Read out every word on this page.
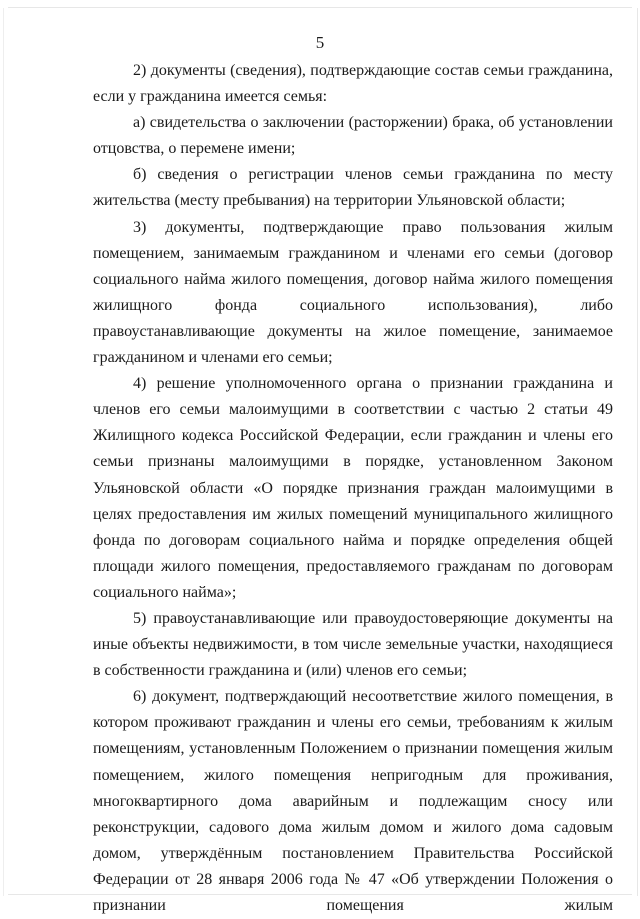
5

2) документы (сведения), подтверждающие состав семьи гражданина, если у гражданина имеется семья:

а) свидетельства о заключении (расторжении) брака, об установлении отцовства, о перемене имени;

б) сведения о регистрации членов семьи гражданина по месту жительства (месту пребывания) на территории Ульяновской области;

3) документы, подтверждающие право пользования жилым помещением, занимаемым гражданином и членами его семьи (договор социального найма жилого помещения, договор найма жилого помещения жилищного фонда социального использования), либо правоустанавливающие документы на жилое помещение, занимаемое гражданином и членами его семьи;

4) решение уполномоченного органа о признании гражданина и членов его семьи малоимущими в соответствии с частью 2 статьи 49 Жилищного кодекса Российской Федерации, если гражданин и члены его семьи признаны малоимущими в порядке, установленном Законом Ульяновской области «О порядке признания граждан малоимущими в целях предоставления им жилых помещений муниципального жилищного фонда по договорам социального найма и порядке определения общей площади жилого помещения, предоставляемого гражданам по договорам социального найма»;

5) правоустанавливающие или правоудостоверяющие документы на иные объекты недвижимости, в том числе земельные участки, находящиеся в собственности гражданина и (или) членов его семьи;

6) документ, подтверждающий несоответствие жилого помещения, в котором проживают гражданин и члены его семьи, требованиям к жилым помещениям, установленным Положением о признании помещения жилым помещением, жилого помещения непригодным для проживания, многоквартирного дома аварийным и подлежащим сносу или реконструкции, садового дома жилым домом и жилого дома садовым домом, утверждённым постановлением Правительства Российской Федерации от 28 января 2006 года № 47 «Об утверждении Положения о признании помещения жилым
